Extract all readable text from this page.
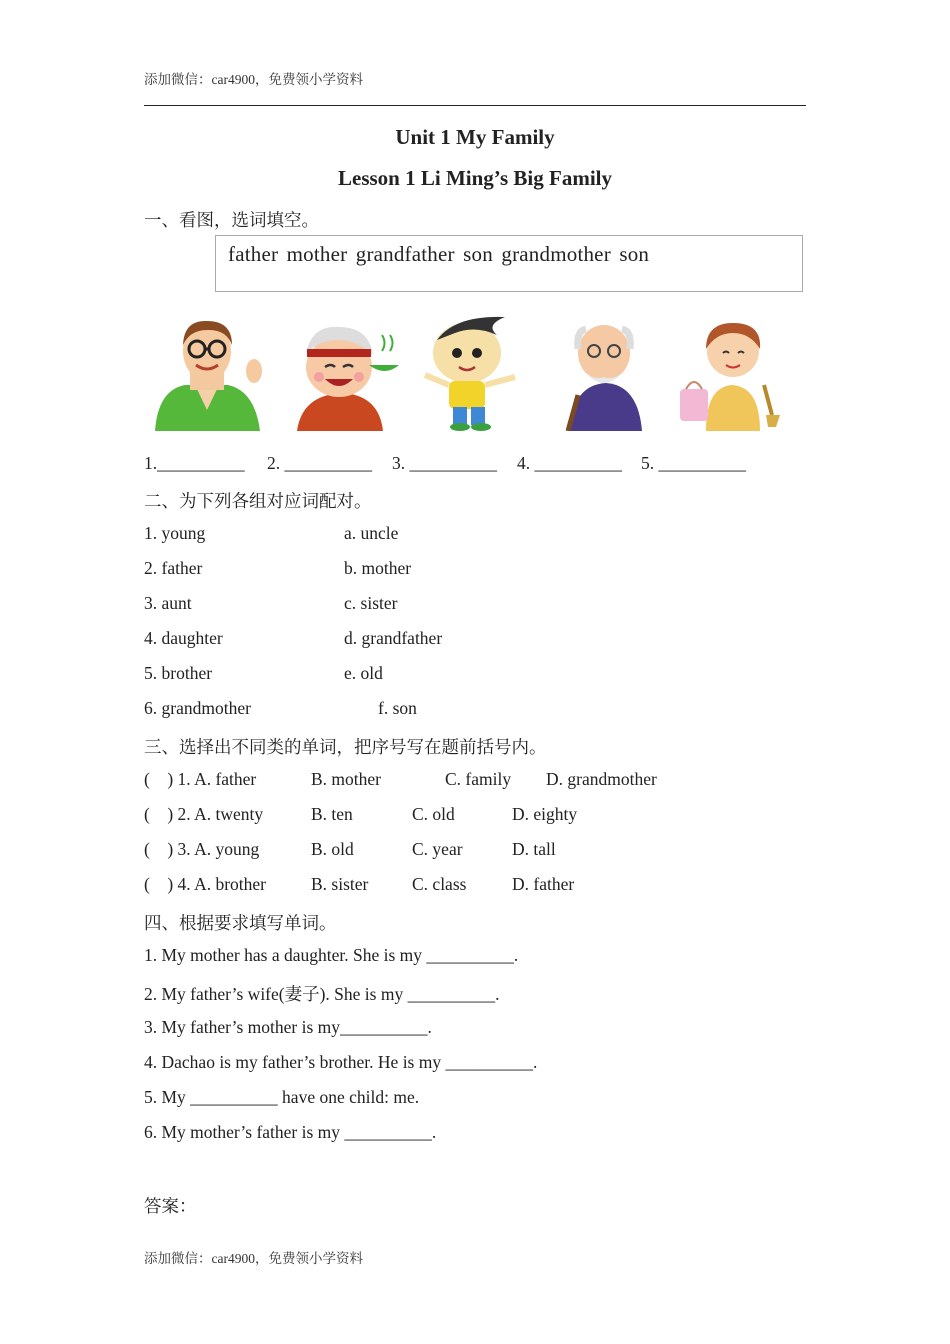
添加微信：car4900，免费领小学资料
Unit 1 My Family
Lesson 1 Li Ming’s Big Family
一、看图，选词填空。
father mother grandfather son grandmother son
1.__________ 2. __________ 3. __________ 4. __________ 5. __________
二、为下列各组对应词配对。
1. young	a. uncle
2. father	b. mother
3. aunt	c. sister
4. daughter	d. grandfather
5. brother	e. old
6. grandmother	f. son
三、选择出不同类的单词，把序号写在题前括号内。
(    ) 1. A. father	B. mother	C. family D. grandmother
(    ) 2. A. twenty	B. ten	C. old	D. eighty
(    ) 3. A. young	B. old	C. year	D. tall
(    ) 4. A. brother	B. sister C. class	D. father
四、根据要求填写单词。
1. My mother has a daughter. She is my __________.
2. My father’s wife(妻子). She is my __________.
3. My father’s mother is my__________.
4. Dachao is my father’s brother. He is my __________.
5. My __________ have one child: me.
6. My mother’s father is my __________.
答案：
添加微信：car4900，免费领小学资料
